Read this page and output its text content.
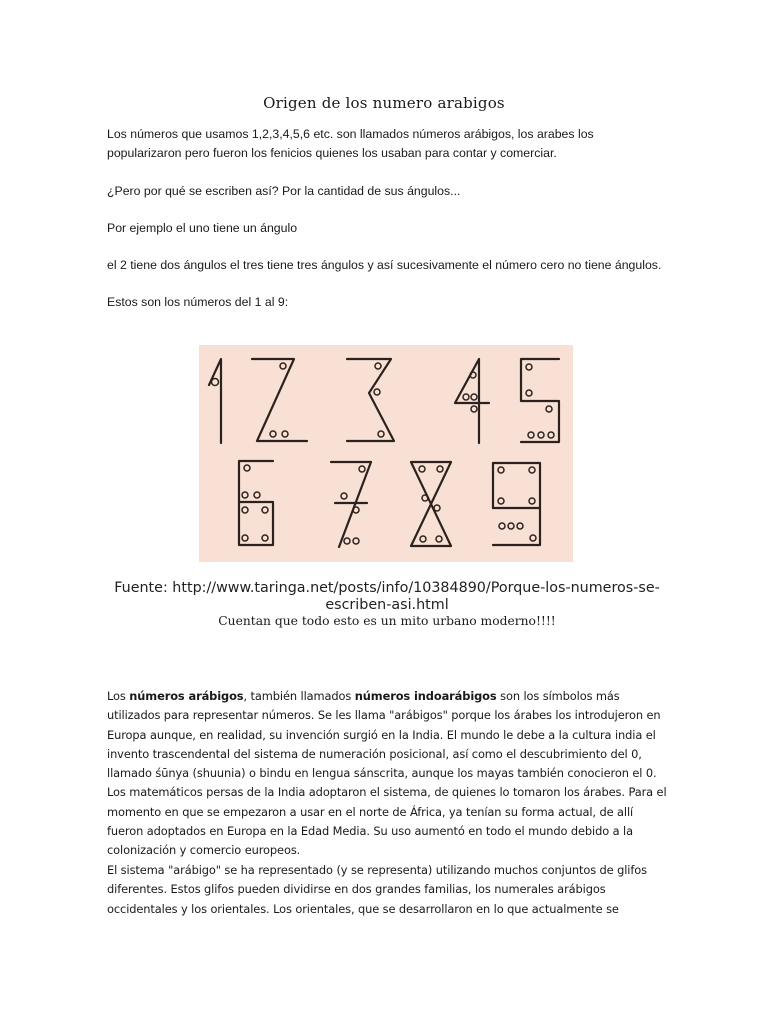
Origen de los numero arabigos

Los números que usamos 1,2,3,4,5,6 etc. son llamados números arábigos, los arabes los popularizaron pero fueron los fenicios quienes los usaban para contar y comerciar.

¿Pero por qué se escriben así? Por la cantidad de sus ángulos...

Por ejemplo el uno tiene un ángulo

el 2 tiene dos ángulos el tres tiene tres ángulos y así sucesivamente el número cero no tiene ángulos.

Estos son los números del 1 al 9:

Fuente: http://www.taringa.net/posts/info/10384890/Porque-los-numeros-se-
escriben-asi.html
Cuentan que todo esto es un mito urbano moderno!!!!

Los números arábigos, también llamados números indoarábigos son los símbolos más utilizados para representar números. Se les llama "arábigos" porque los árabes los introdujeron en Europa aunque, en realidad, su invención surgió en la India. El mundo le debe a la cultura india el invento trascendental del sistema de numeración posicional, así como el descubrimiento del 0, llamado śūnya (shuunia) o bindu en lengua sánscrita, aunque los mayas también conocieron el 0. Los matemáticos persas de la India adoptaron el sistema, de quienes lo tomaron los árabes. Para el momento en que se empezaron a usar en el norte de África, ya tenían su forma actual, de allí fueron adoptados en Europa en la Edad Media. Su uso aumentó en todo el mundo debido a la colonización y comercio europeos.

El sistema "arábigo" se ha representado (y se representa) utilizando muchos conjuntos de glifos diferentes. Estos glifos pueden dividirse en dos grandes familias, los numerales arábigos occidentales y los orientales. Los orientales, que se desarrollaron en lo que actualmente se
